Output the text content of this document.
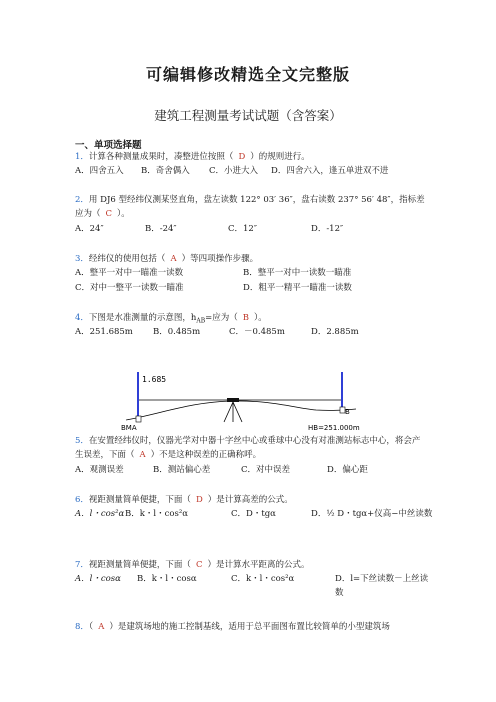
可编辑修改精选全文完整版
建筑工程测量考试试题（含答案）
一、单项选择题
1．计算各种测量成果时，凑整进位按照（ D ）的规则进行。
A．四舍五入 B．奇舍偶入 C．小进大入 D．四舍六入，逢五单进双不进
2．用 DJ6 型经纬仪测某竖直角，盘左读数 122° 03′ 36″，盘右读数 237° 56′ 48″，指标差应为（ C ）。
A．24″	B．-24″	C．12″	D．-12″
3．经纬仪的使用包括（ A ）等四项操作步骤。
A．整平一对中一瞄准一读数	B．整平一对中一读数一瞄准
C．对中一整平一读数一瞄准	D．粗平一精平一瞄准一读数
4．下图是水准测量的示意图，$h_{AB}=$应为（ B ）。
A．251.685m B．0.485m	C．－0.485m	D．2.885m
1.685
BMA
B
HB=251.000m
5．在安置经纬仪时，仪器光学对中器十字丝中心或垂球中心没有对准测站标志中心，将会产生误差，下面（ A ）不是这种误差的正确称呼。
A．观测误差	B．测站偏心差	C．对中误差	D．偏心距
6．视距测量简单便捷，下面（ D ）是计算高差的公式。
A．l・cos²α B．k・l・cos²α	C．D・tgα	D．½ D・tgα+仪高−中丝读数
7．视距测量简单便捷，下面（ C ）是计算水平距离的公式。
A．l・cosα B．k・l・cosα	C．k・l・cos²α	D．l=下丝读数－上丝读数
8．（ A ）是建筑场地的施工控制基线，适用于总平面图布置比较简单的小型建筑场
